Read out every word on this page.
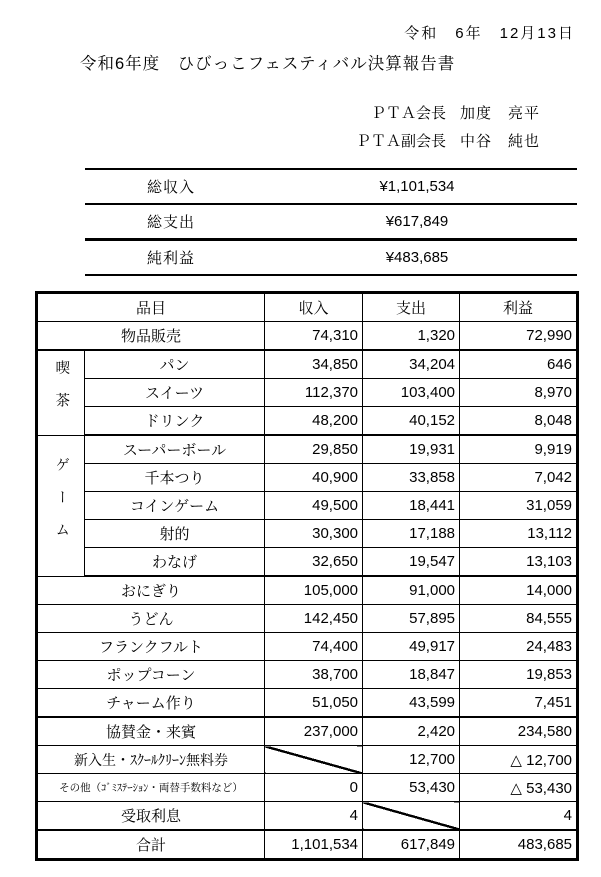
令和　6年　12月13日
令和6年度　ひびっこフェスティバル決算報告書
ＰＴＡ会長 加度　亮平
ＰＴＡ副会長 中谷　純也
総収入	¥1,101,534
総支出	¥617,849
純利益	¥483,685
品目		収入	支出	利益
物品販売		74,310	1,320	72,990

喫茶	パン	34,850	34,204	646
	スイーツ	112,370	103,400	8,970
	ドリンク	48,200	40,152	8,048

ゲーム	スーパーボール	29,850	19,931	9,919
	千本つり	40,900	33,858	7,042
	コインゲーム	49,500	18,441	31,059
	射的	30,300	17,188	13,112
	わなげ	32,650	19,547	13,103
おにぎり		105,000	91,000	14,000
うどん		142,450	57,895	84,555
フランクフルト		74,400	49,917	24,483
ポップコーン		38,700	18,847	19,853
チャーム作り		51,050	43,599	7,451
協賛金・来賓		237,000	2,420	234,580
新入生・ｽｸｰﾙｸﾘｰﾝ無料券			12,700	△ 12,700
その他（ｺﾞﾐｽﾃｰｼｮﾝ・両替手数料など）		0	53,430	△ 53,430
受取利息		4		4
合計		1,101,534	617,849	483,685
